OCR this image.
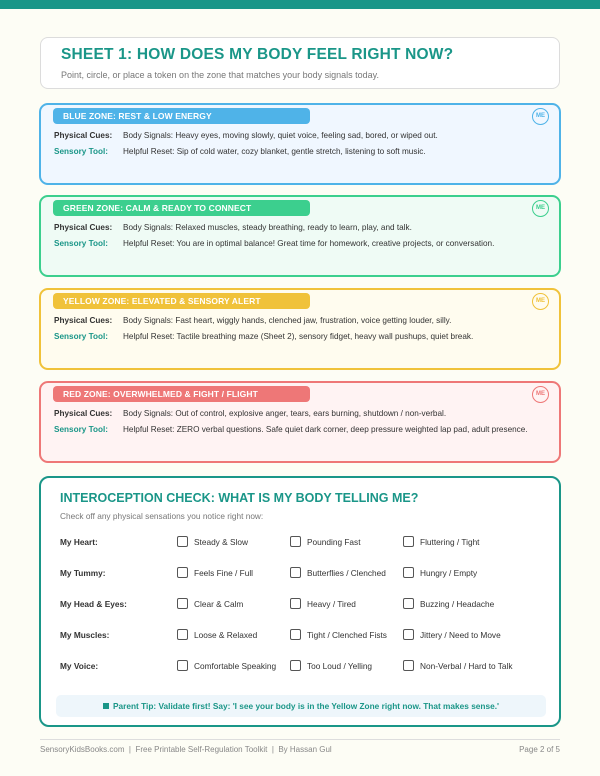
SHEET 1: HOW DOES MY BODY FEEL RIGHT NOW?
Point, circle, or place a token on the zone that matches your body signals today.
BLUE ZONE: REST & LOW ENERGY	ME
Physical Cues:	Body Signals: Heavy eyes, moving slowly, quiet voice, feeling sad, bored, or wiped out.
Sensory Tool:	Helpful Reset: Sip of cold water, cozy blanket, gentle stretch, listening to soft music.
GREEN ZONE: CALM & READY TO CONNECT	ME
Physical Cues:	Body Signals: Relaxed muscles, steady breathing, ready to learn, play, and talk.
Sensory Tool:	Helpful Reset: You are in optimal balance! Great time for homework, creative projects, or conversation.
YELLOW ZONE: ELEVATED & SENSORY ALERT	ME
Physical Cues:	Body Signals: Fast heart, wiggly hands, clenched jaw, frustration, voice getting louder, silly.
Sensory Tool:	Helpful Reset: Tactile breathing maze (Sheet 2), sensory fidget, heavy wall pushups, quiet break.
RED ZONE: OVERWHELMED & FIGHT / FLIGHT	ME
Physical Cues:	Body Signals: Out of control, explosive anger, tears, ears burning, shutdown / non-verbal.
Sensory Tool:	Helpful Reset: ZERO verbal questions. Safe quiet dark corner, deep pressure weighted lap pad, adult presence.
INTEROCEPTION CHECK: WHAT IS MY BODY TELLING ME?
Check off any physical sensations you notice right now:
My Heart:	Steady & Slow	Pounding Fast	Fluttering / Tight
My Tummy:	Feels Fine / Full	Butterflies / Clenched	Hungry / Empty
My Head & Eyes:	Clear & Calm	Heavy / Tired	Buzzing / Headache
My Muscles:	Loose & Relaxed	Tight / Clenched Fists	Jittery / Need to Move
My Voice:	Comfortable Speaking	Too Loud / Yelling	Non-Verbal / Hard to Talk
Parent Tip: Validate first! Say: 'I see your body is in the Yellow Zone right now. That makes sense.'
SensoryKidsBooks.com  |  Free Printable Self-Regulation Toolkit  |  By Hassan Gul	Page 2 of 5
